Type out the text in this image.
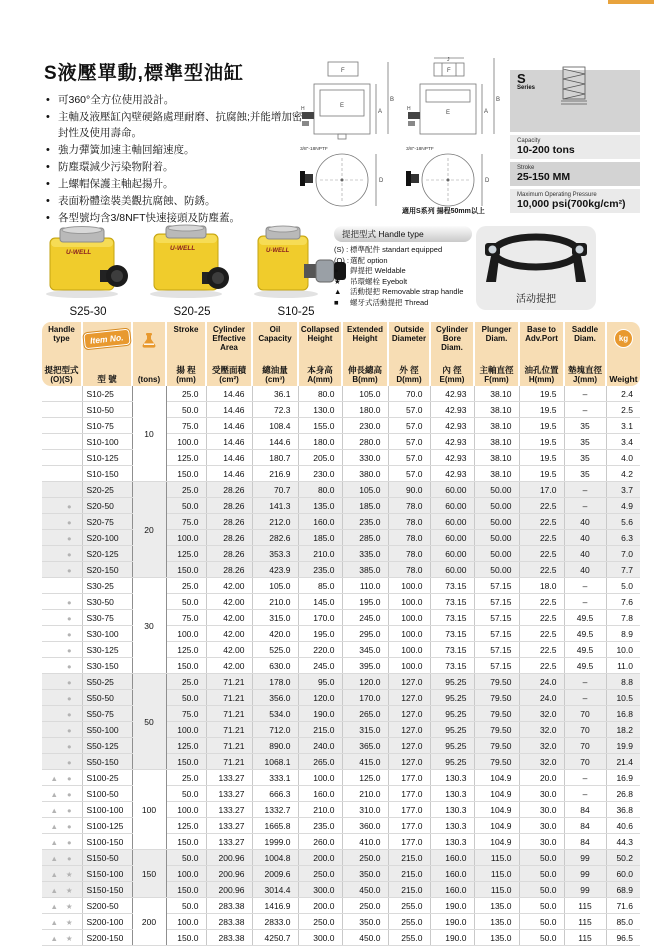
S液壓單動,標準型油缸
• 可360°全方位使用設計。
• 主軸及液壓缸內壁硬鉻處理耐磨、抗腐蝕;并能增加密封性及使用壽命。
• 強力彈簧加速主軸回縮速度。
• 防塵環減少污染物附着。
• 上螺帽保護主軸起揚升。
• 表面粉體塗裝美觀抗腐蝕、防銹。
• 各型號均含3/8NFT快速接頭及防塵蓋。
F
E
A
B
H
3/8"-18NPTF
D
J
F
E	A
B
H
3/8"-18NPTF
D
適用S系列 揚程50mm以上
S
Series
Capacity
10-200 tons
Stroke
25-150 MM
Maximum Operating Pressure
10,000 psi(700kg/cm²)
U-WELL
S25-30
U-WELL
S20-25
U-WELL
S10-25
提把型式 Handle type
(S) : 標準配件 standart equipped
(O) :選配 option
● 銲提把 Weldable
★ 吊環螺栓 Eyebolt
▲ 活動提把 Removable strap handle
■ 螺牙式活動提把 Thread	活动提把
Handle type
提把型式
(O)(S)

Item No.
型 號	(tons)

Stroke
揚 程
(mm)

Cylinder Effective Area
受壓面積
(cm²)

Oil Capacity
總油量
(cm³)

Collapsed Height
本身高
A(mm)

Extended Height
伸長總高
B(mm)

Outside Diameter
外 徑
D(mm)

Cylinder Bore Diam.
內 徑
E(mm)

Plunger Diam.
主軸直徑
F(mm)

Base to Adv.Port
油孔位置
H(mm)

Saddle Diam.
墊塊直徑
J(mm)

kg
Weight

	S10-25	10	25.0	14.46	36.1	80.0	105.0	70.0	42.93	38.10	19.5	–	2.4
	S10-50		50.0	14.46	72.3	130.0	180.0	57.0	42.93	38.10	19.5	–	2.5
	S10-75		75.0	14.46	108.4	155.0	230.0	57.0	42.93	38.10	19.5	35	3.1
	S10-100		100.0	14.46	144.6	180.0	280.0	57.0	42.93	38.10	19.5	35	3.4
	S10-125		125.0	14.46	180.7	205.0	330.0	57.0	42.93	38.10	19.5	35	4.0
	S10-150		150.0	14.46	216.9	230.0	380.0	57.0	42.93	38.10	19.5	35	4.2
	S20-25	20	25.0	28.26	70.7	80.0	105.0	90.0	60.00	50.00	17.0	–	3.7
●	S20-50		50.0	28.26	141.3	135.0	185.0	78.0	60.00	50.00	22.5	–	4.9
●	S20-75		75.0	28.26	212.0	160.0	235.0	78.0	60.00	50.00	22.5	40	5.6
●	S20-100		100.0	28.26	282.6	185.0	285.0	78.0	60.00	50.00	22.5	40	6.3
●	S20-125		125.0	28.26	353.3	210.0	335.0	78.0	60.00	50.00	22.5	40	7.0
●	S20-150		150.0	28.26	423.9	235.0	385.0	78.0	60.00	50.00	22.5	40	7.7
	S30-25	30	25.0	42.00	105.0	85.0	110.0	100.0	73.15	57.15	18.0	–	5.0
●	S30-50		50.0	42.00	210.0	145.0	195.0	100.0	73.15	57.15	22.5	–	7.6
●	S30-75		75.0	42.00	315.0	170.0	245.0	100.0	73.15	57.15	22.5	49.5	7.8
●	S30-100		100.0	42.00	420.0	195.0	295.0	100.0	73.15	57.15	22.5	49.5	8.9
●	S30-125		125.0	42.00	525.0	220.0	345.0	100.0	73.15	57.15	22.5	49.5	10.0
●	S30-150		150.0	42.00	630.0	245.0	395.0	100.0	73.15	57.15	22.5	49.5	11.0
●	S50-25	50	25.0	71.21	178.0	95.0	120.0	127.0	95.25	79.50	24.0	–	8.8
●	S50-50		50.0	71.21	356.0	120.0	170.0	127.0	95.25	79.50	24.0	–	10.5
●	S50-75		75.0	71.21	534.0	190.0	265.0	127.0	95.25	79.50	32.0	70	16.8
●	S50-100		100.0	71.21	712.0	215.0	315.0	127.0	95.25	79.50	32.0	70	18.2
●	S50-125		125.0	71.21	890.0	240.0	365.0	127.0	95.25	79.50	32.0	70	19.9
●	S50-150		150.0	71.21	1068.1	265.0	415.0	127.0	95.25	79.50	32.0	70	21.4
▲ ●	S100-25	100	25.0	133.27	333.1	100.0	125.0	177.0	130.3	104.9	20.0	–	16.9
▲ ●	S100-50		50.0	133.27	666.3	160.0	210.0	177.0	130.3	104.9	30.0	–	26.8
▲ ●	S100-100		100.0	133.27	1332.7	210.0	310.0	177.0	130.3	104.9	30.0	84	36.8
▲ ●	S100-125		125.0	133.27	1665.8	235.0	360.0	177.0	130.3	104.9	30.0	84	40.6
▲ ●	S100-150		150.0	133.27	1999.0	260.0	410.0	177.0	130.3	104.9	30.0	84	44.3
▲ ●	S150-50	150	50.0	200.96	1004.8	200.0	250.0	215.0	160.0	115.0	50.0	99	50.2
▲ ★	S150-100		100.0	200.96	2009.6	250.0	350.0	215.0	160.0	115.0	50.0	99	60.0
▲ ★	S150-150		150.0	200.96	3014.4	300.0	450.0	215.0	160.0	115.0	50.0	99	68.9
▲ ★	S200-50	200	50.0	283.38	1416.9	200.0	250.0	255.0	190.0	135.0	50.0	115	71.6
▲ ★	S200-100		100.0	283.38	2833.0	250.0	350.0	255.0	190.0	135.0	50.0	115	85.0
▲ ★	S200-150		150.0	283.38	4250.7	300.0	450.0	255.0	190.0	135.0	50.0	115	96.5
